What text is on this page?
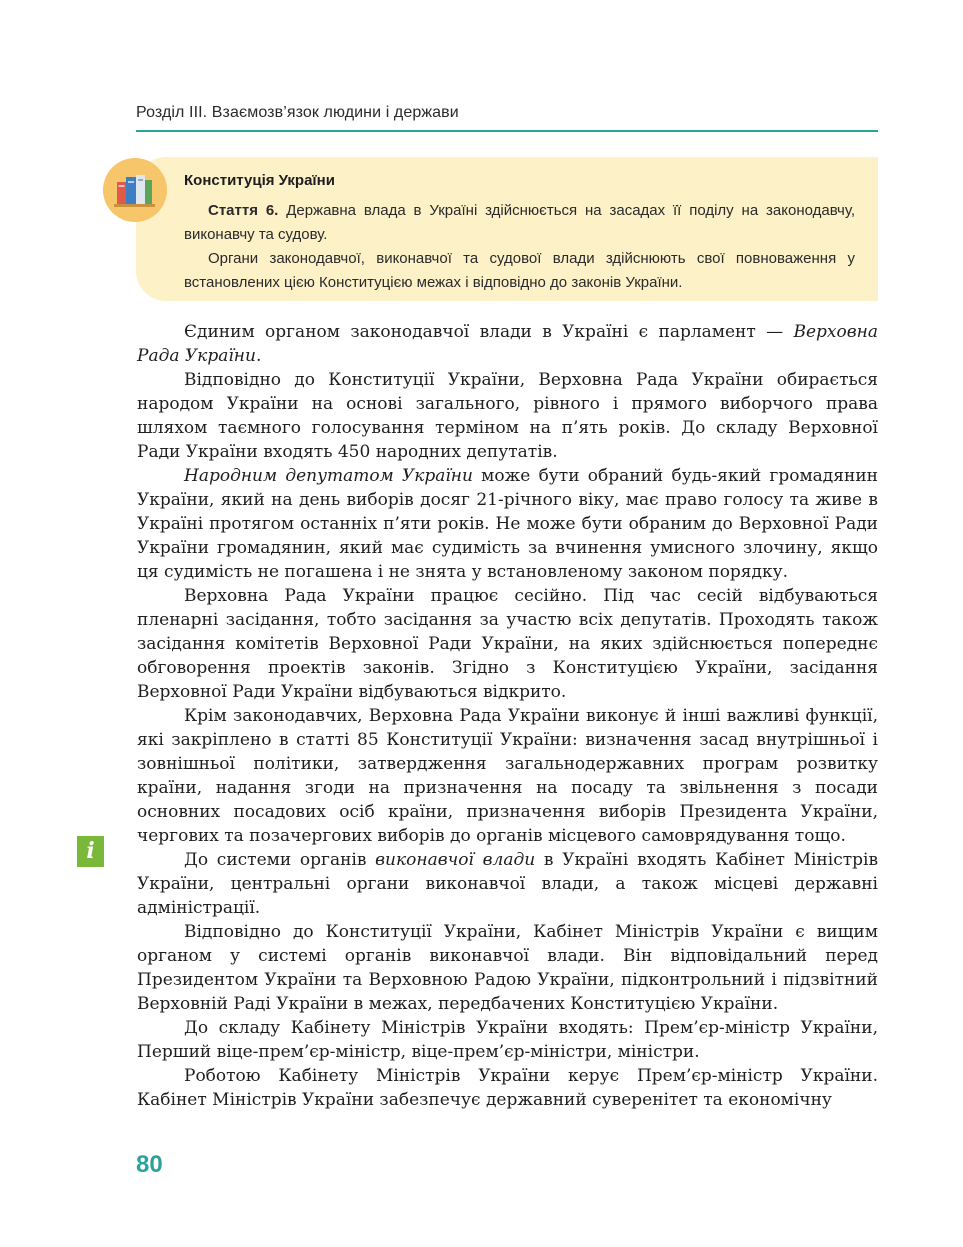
Розділ III. Взаємозв’язок людини і держави
Конституція України

Стаття 6. Державна влада в Україні здійснюється на засадах її поділу на законодавчу, виконавчу та судову.

Органи законодавчої, виконавчої та судової влади здійснюють свої повноваження у встановлених цією Конституцією межах і відповідно до законів України.

Єдиним органом законодавчої влади в Україні є парламент — Верховна Рада України.

Відповідно до Конституції України, Верховна Рада України обирається народом України на основі загального, рівного і прямого виборчого права шляхом таємного голосування терміном на п’ять років. До складу Верховної Ради України входять 450 народних депутатів.

Народним депутатом України може бути обраний будь-який громадянин України, який на день виборів досяг 21-річного віку, має право голосу та живе в Україні протягом останніх п’яти років. Не може бути обраним до Верховної Ради України громадянин, який має судимість за вчинення умисного злочину, якщо ця судимість не погашена і не знята у встановленому законом порядку.

Верховна Рада України працює сесійно. Під час сесій відбуваються пленарні засідання, тобто засідання за участю всіх депутатів. Проходять також засідання комітетів Верховної Ради України, на яких здійснюється попереднє обговорення проектів законів. Згідно з Конституцією України, засідання Верховної Ради України відбуваються відкрито.

Крім законодавчих, Верховна Рада України виконує й інші важливі функції, які закріплено в статті 85 Конституції України: визначення засад внутрішньої і зовнішньої політики, затвердження загальнодержавних програм розвитку країни, надання згоди на призначення на посаду та звільнення з посади основних посадових осіб країни, призначення виборів Президента України, чергових та позачергових виборів до органів місцевого самоврядування тощо.

До системи органів виконавчої влади в Україні входять Кабінет Міністрів України, центральні органи виконавчої влади, а також місцеві державні адміністрації.

Відповідно до Конституції України, Кабінет Міністрів України є вищим органом у системі органів виконавчої влади. Він відповідальний перед Президентом України та Верховною Радою України, підконтрольний і підзвітний Верховній Раді України в межах, передбачених Конституцією України.

До складу Кабінету Міністрів України входять: Прем’єр-міністр України, Перший віце-прем’єр-міністр, віце-прем’єр-міністри, міністри.

Роботою Кабінету Міністрів України керує Прем’єр-міністр України. Кабінет Міністрів України забезпечує державний суверенітет та економічну

i
80
